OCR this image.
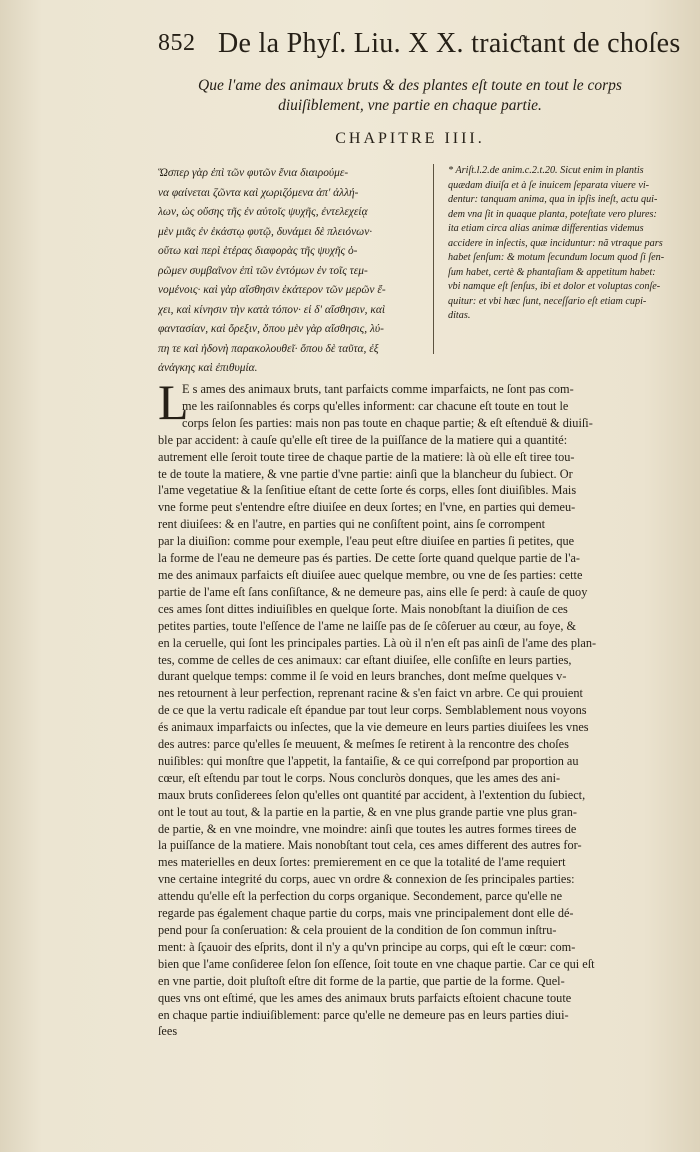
852 De la Phyſ. Liu. X X. traiƈtant de choſes
Que l'ame des animaux bruts & des plantes eſt toute en tout le corps
diuiſiblement, vne partie en chaque partie.
CHAPITRE IIII.
Ὥσπερ γὰρ ἐπὶ τῶν φυτῶν ἔνια διαιρούμε-
να φαίνεται ζῶντα καὶ χωριζόμενα ἀπ' ἀλλή-
λων, ὡς οὔσης τῆς ἐν αὐτοῖς ψυχῆς, ἐντελεχείᾳ
μὲν μιᾶς ἐν ἑκάστῳ φυτῷ, δυνάμει δὲ πλειόνων·
οὕτω καὶ περὶ ἑτέρας διαφορὰς τῆς ψυχῆς ὁ-
ρῶμεν συμβαῖνον ἐπὶ τῶν ἐντόμων ἐν τοῖς τεμ-
νομένοις· καὶ γὰρ αἴσθησιν ἑκάτερον τῶν μερῶν ἔ-
χει, καὶ κίνησιν τὴν κατὰ τόπον· εἰ δ' αἴσθησιν, καὶ
φαντασίαν, καὶ ὄρεξιν, ὅπου μὲν γὰρ αἴσθησις, λύ-
πη τε καὶ ἡδονὴ παρακολουθεῖ· ὅπου δὲ ταῦτα, ἐξ
ἀνάγκης καὶ ἐπιθυμία.
* Ariſt.l.2.de anim.c.2.t.20. Sicut enim in plantis
quædam diuiſa et à ſe inuicem ſeparata viuere vi-
dentur: tanquam anima, qua in ipſis ineſt, actu qui-
dem vna ſit in quaque planta, poteſtate vero plures:
ita etiam circa alias animæ differentias videmus
accidere in inſectis, quæ inciduntur: nã vtraque pars
habet ſenſum: & motum ſecundum locum quod ſi ſen-
ſum habet, certè & phantaſiam & appetitum habet:
vbi namque eſt ſenſus, ibi et dolor et voluptas conſe-
quitur: et vbi hæc ſunt, neceſſario eſt etiam cupi-
ditas.
L
E s ames des animaux bruts, tant parfaicts comme imparfaicts, ne ſont pas com-
me les raiſonnables és corps qu'elles informent: car chacune eſt toute en tout le
corps ſelon ſes parties: mais non pas toute en chaque partie; & eſt eſtenduë & diuiſi-
ble par accident: à cauſe qu'elle eſt tiree de la puiſſance de la matiere qui a quantité:
autrement elle ſeroit toute tiree de chaque partie de la matiere: là où elle eſt tiree tou-
te de toute la matiere, & vne partie d'vne partie: ainſi que la blancheur du ſubiect. Or
l'ame vegetatiue & la ſenſitiue eſtant de cette ſorte és corps, elles ſont diuiſibles. Mais
vne forme peut s'entendre eſtre diuiſee en deux ſortes; en l'vne, en parties qui demeu-
rent diuiſees: & en l'autre, en parties qui ne conſiſtent point, ains ſe corrompent
par la diuiſion: comme pour exemple, l'eau peut eſtre diuiſee en parties ſi petites, que
la forme de l'eau ne demeure pas és parties. De cette ſorte quand quelque partie de l'a-
me des animaux parfaicts eſt diuiſee auec quelque membre, ou vne de ſes parties: cette
partie de l'ame eſt ſans conſiſtance, & ne demeure pas, ains elle ſe perd: à cauſe de quoy
ces ames ſont dittes indiuiſibles en quelque ſorte. Mais nonobſtant la diuiſion de ces
petites parties, toute l'eſſence de l'ame ne laiſſe pas de ſe côſeruer au cœur, au foye, &
en la ceruelle, qui ſont les principales parties. Là où il n'en eſt pas ainſi de l'ame des plan-
tes, comme de celles de ces animaux: car eſtant diuiſee, elle conſiſte en leurs parties,
durant quelque temps: comme il ſe void en leurs branches, dont meſme quelques v-
nes retournent à leur perfection, reprenant racine & s'en faict vn arbre. Ce qui prouient
de ce que la vertu radicale eſt épandue par tout leur corps. Semblablement nous voyons
és animaux imparfaicts ou inſectes, que la vie demeure en leurs parties diuiſees les vnes
des autres: parce qu'elles ſe meuuent, & meſmes ſe retirent à la rencontre des choſes
nuiſibles: qui monſtre que l'appetit, la fantaiſie, & ce qui correſpond par proportion au
cœur, eſt eſtendu par tout le corps. Nous concluròs donques, que les ames des ani-
maux bruts conſiderees ſelon qu'elles ont quantité par accident, à l'extention du ſubiect,
ont le tout au tout, & la partie en la partie, & en vne plus grande partie vne plus gran-
de partie, & en vne moindre, vne moindre: ainſi que toutes les autres formes tirees de
la puiſſance de la matiere. Mais nonobſtant tout cela, ces ames different des autres for-
mes materielles en deux ſortes: premierement en ce que la totalité de l'ame requiert
vne certaine integrité du corps, auec vn ordre & connexion de ſes principales parties:
attendu qu'elle eſt la perfection du corps organique. Secondement, parce qu'elle ne
regarde pas également chaque partie du corps, mais vne principalement dont elle dé-
pend pour ſa conſeruation: & cela prouient de la condition de ſon commun inſtru-
ment: à ſçauoir des eſprits, dont il n'y a qu'vn principe au corps, qui eſt le cœur: com-
bien que l'ame conſideree ſelon ſon eſſence, ſoit toute en vne chaque partie. Car ce qui eſt
en vne partie, doit pluſtoſt eſtre dit forme de la partie, que partie de la forme. Quel-
ques vns ont eſtimé, que les ames des animaux bruts parfaicts eſtoient chacune toute
en chaque partie indiuiſiblement: parce qu'elle ne demeure pas en leurs parties diui-
ſees
